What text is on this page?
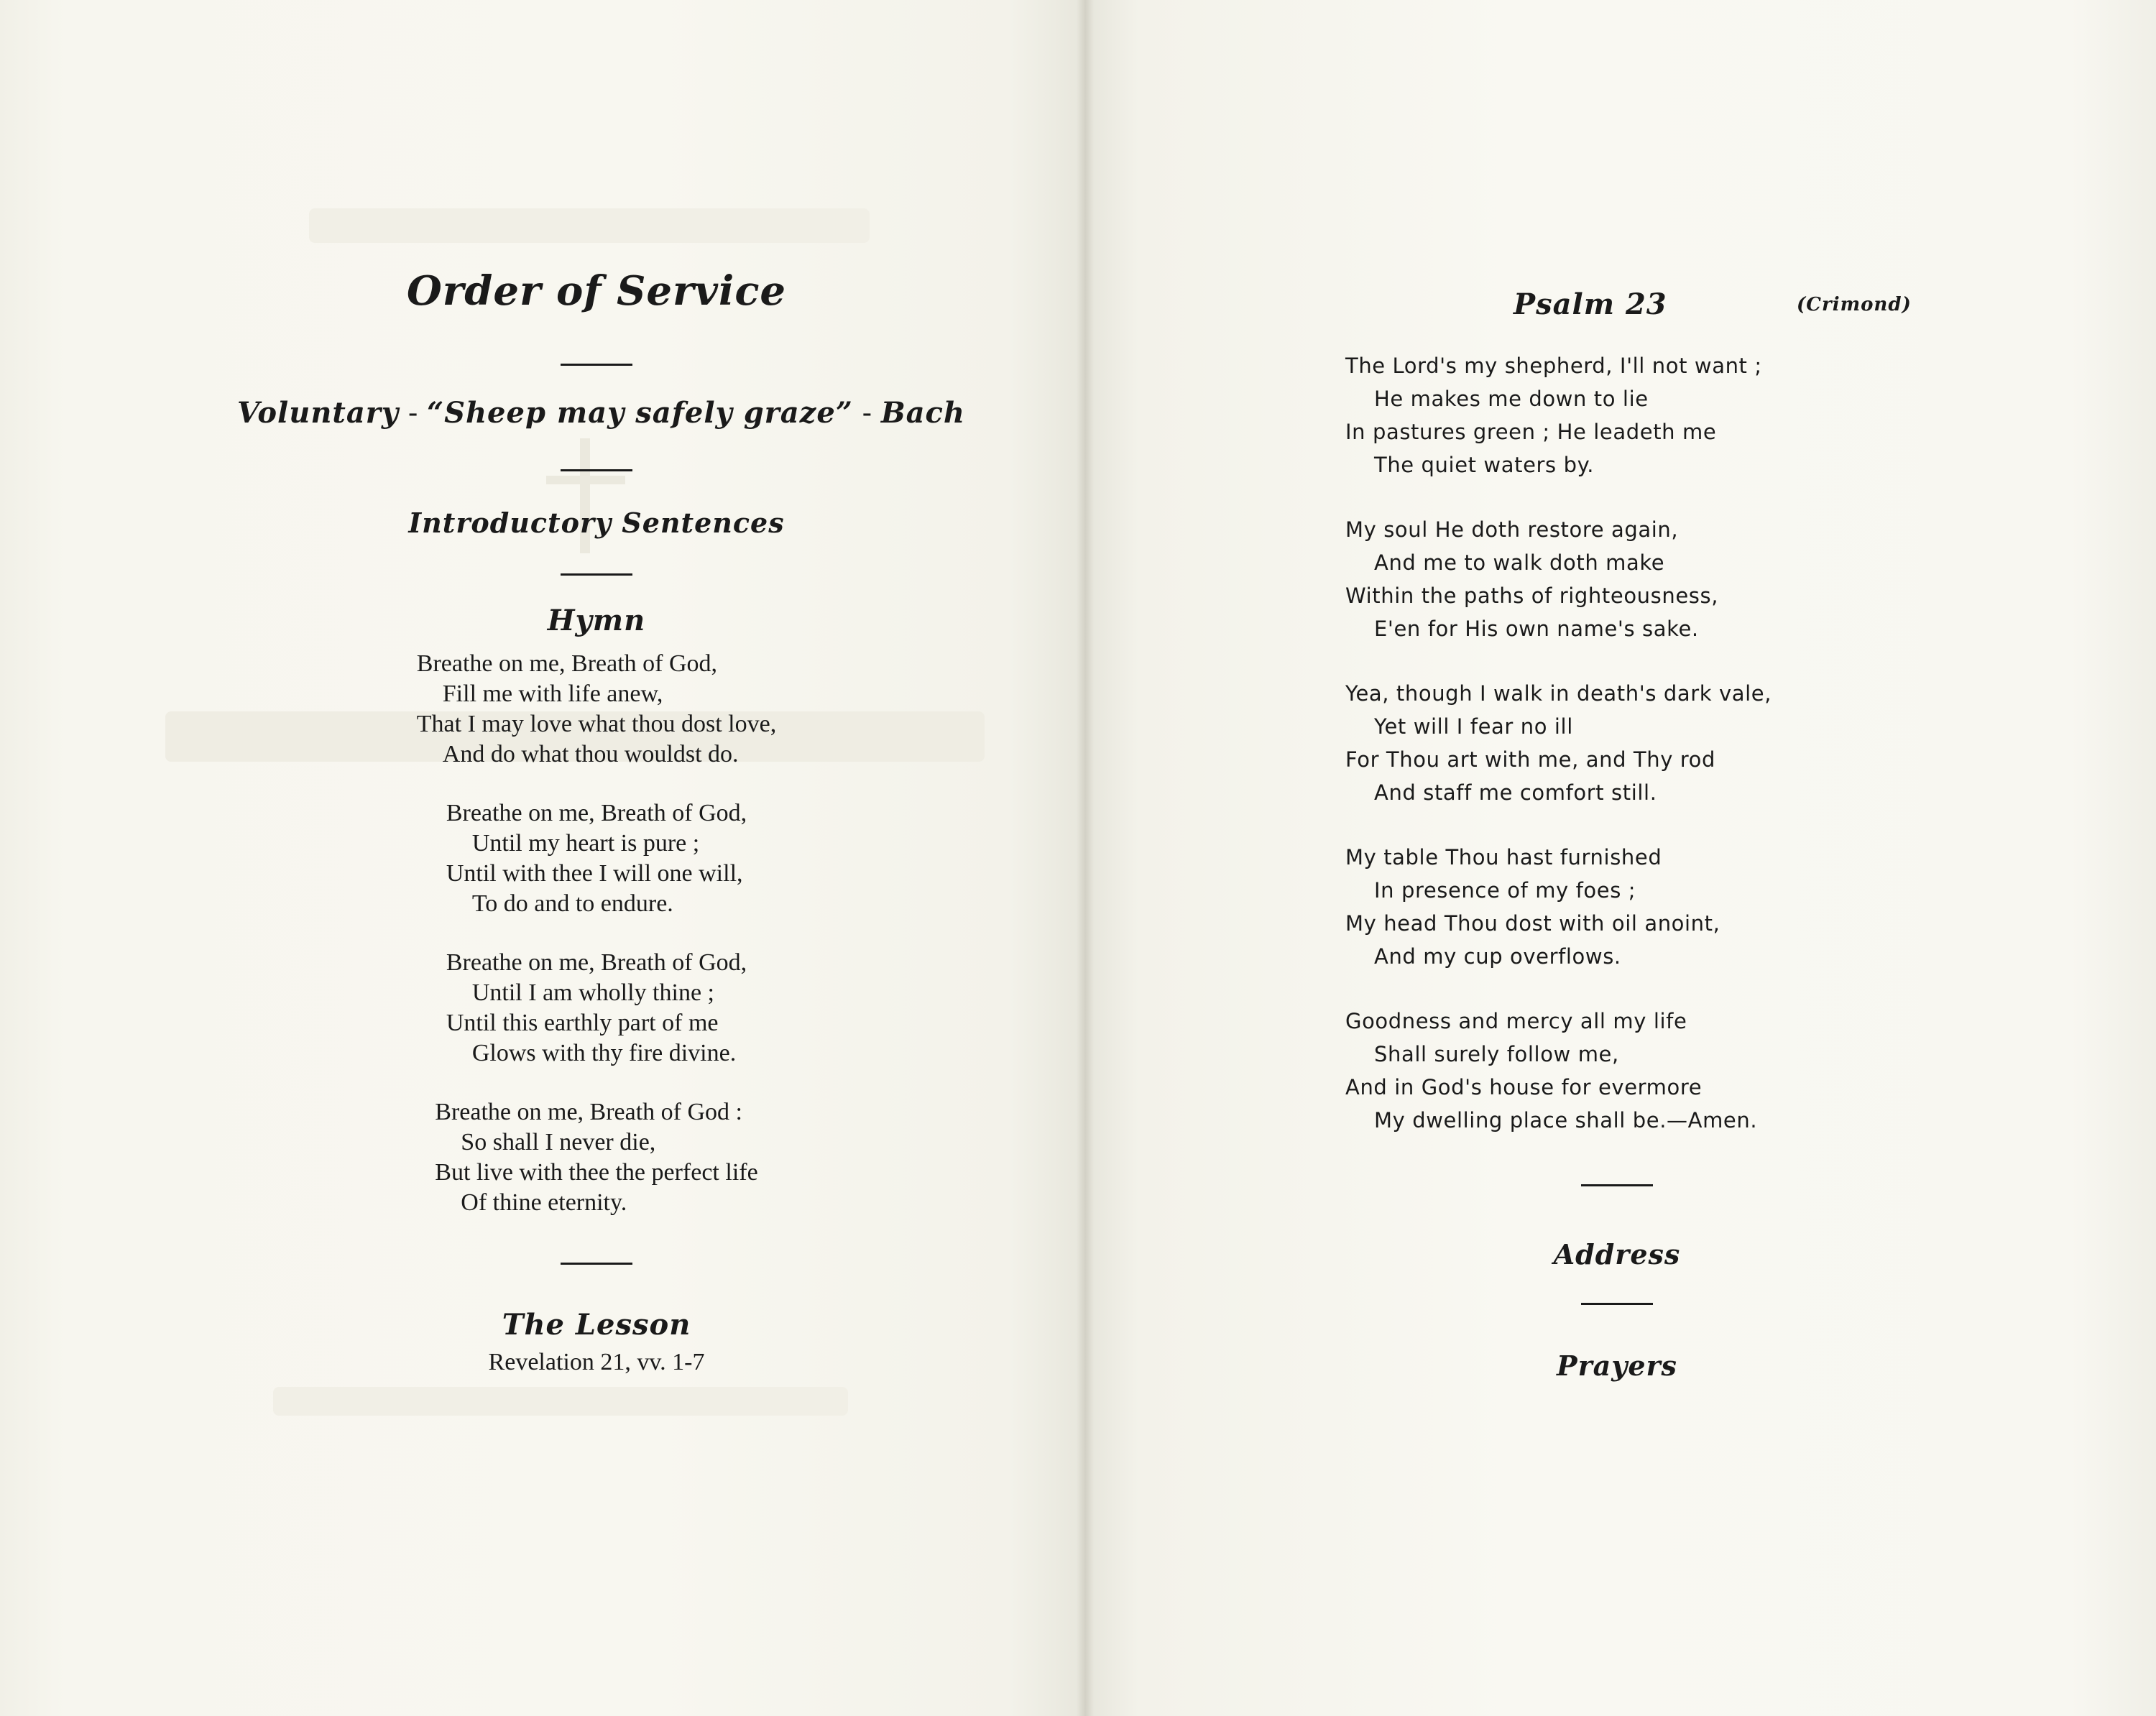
Order of Service
Voluntary - “Sheep may safely graze” - Bach
Introductory Sentences
Hymn
Breathe on me, Breath of God,
Fill me with life anew,
That I may love what thou dost love,
And do what thou wouldst do.
Breathe on me, Breath of God,
Until my heart is pure ;
Until with thee I will one will,
To do and to endure.
Breathe on me, Breath of God,
Until I am wholly thine ;
Until this earthly part of me
Glows with thy fire divine.
Breathe on me, Breath of God :
So shall I never die,
But live with thee the perfect life
Of thine eternity.
The Lesson
Revelation 21, vv. 1-7
Psalm 23	(Crimond)
The Lord's my shepherd, I'll not want ;
He makes me down to lie
In pastures green ; He leadeth me
The quiet waters by.
My soul He doth restore again,
And me to walk doth make
Within the paths of righteousness,
E'en for His own name's sake.
Yea, though I walk in death's dark vale,
Yet will I fear no ill
For Thou art with me, and Thy rod
And staff me comfort still.
My table Thou hast furnished
In presence of my foes ;
My head Thou dost with oil anoint,
And my cup overflows.
Goodness and mercy all my life
Shall surely follow me,
And in God's house for evermore
My dwelling place shall be.—Amen.
Address
Prayers
